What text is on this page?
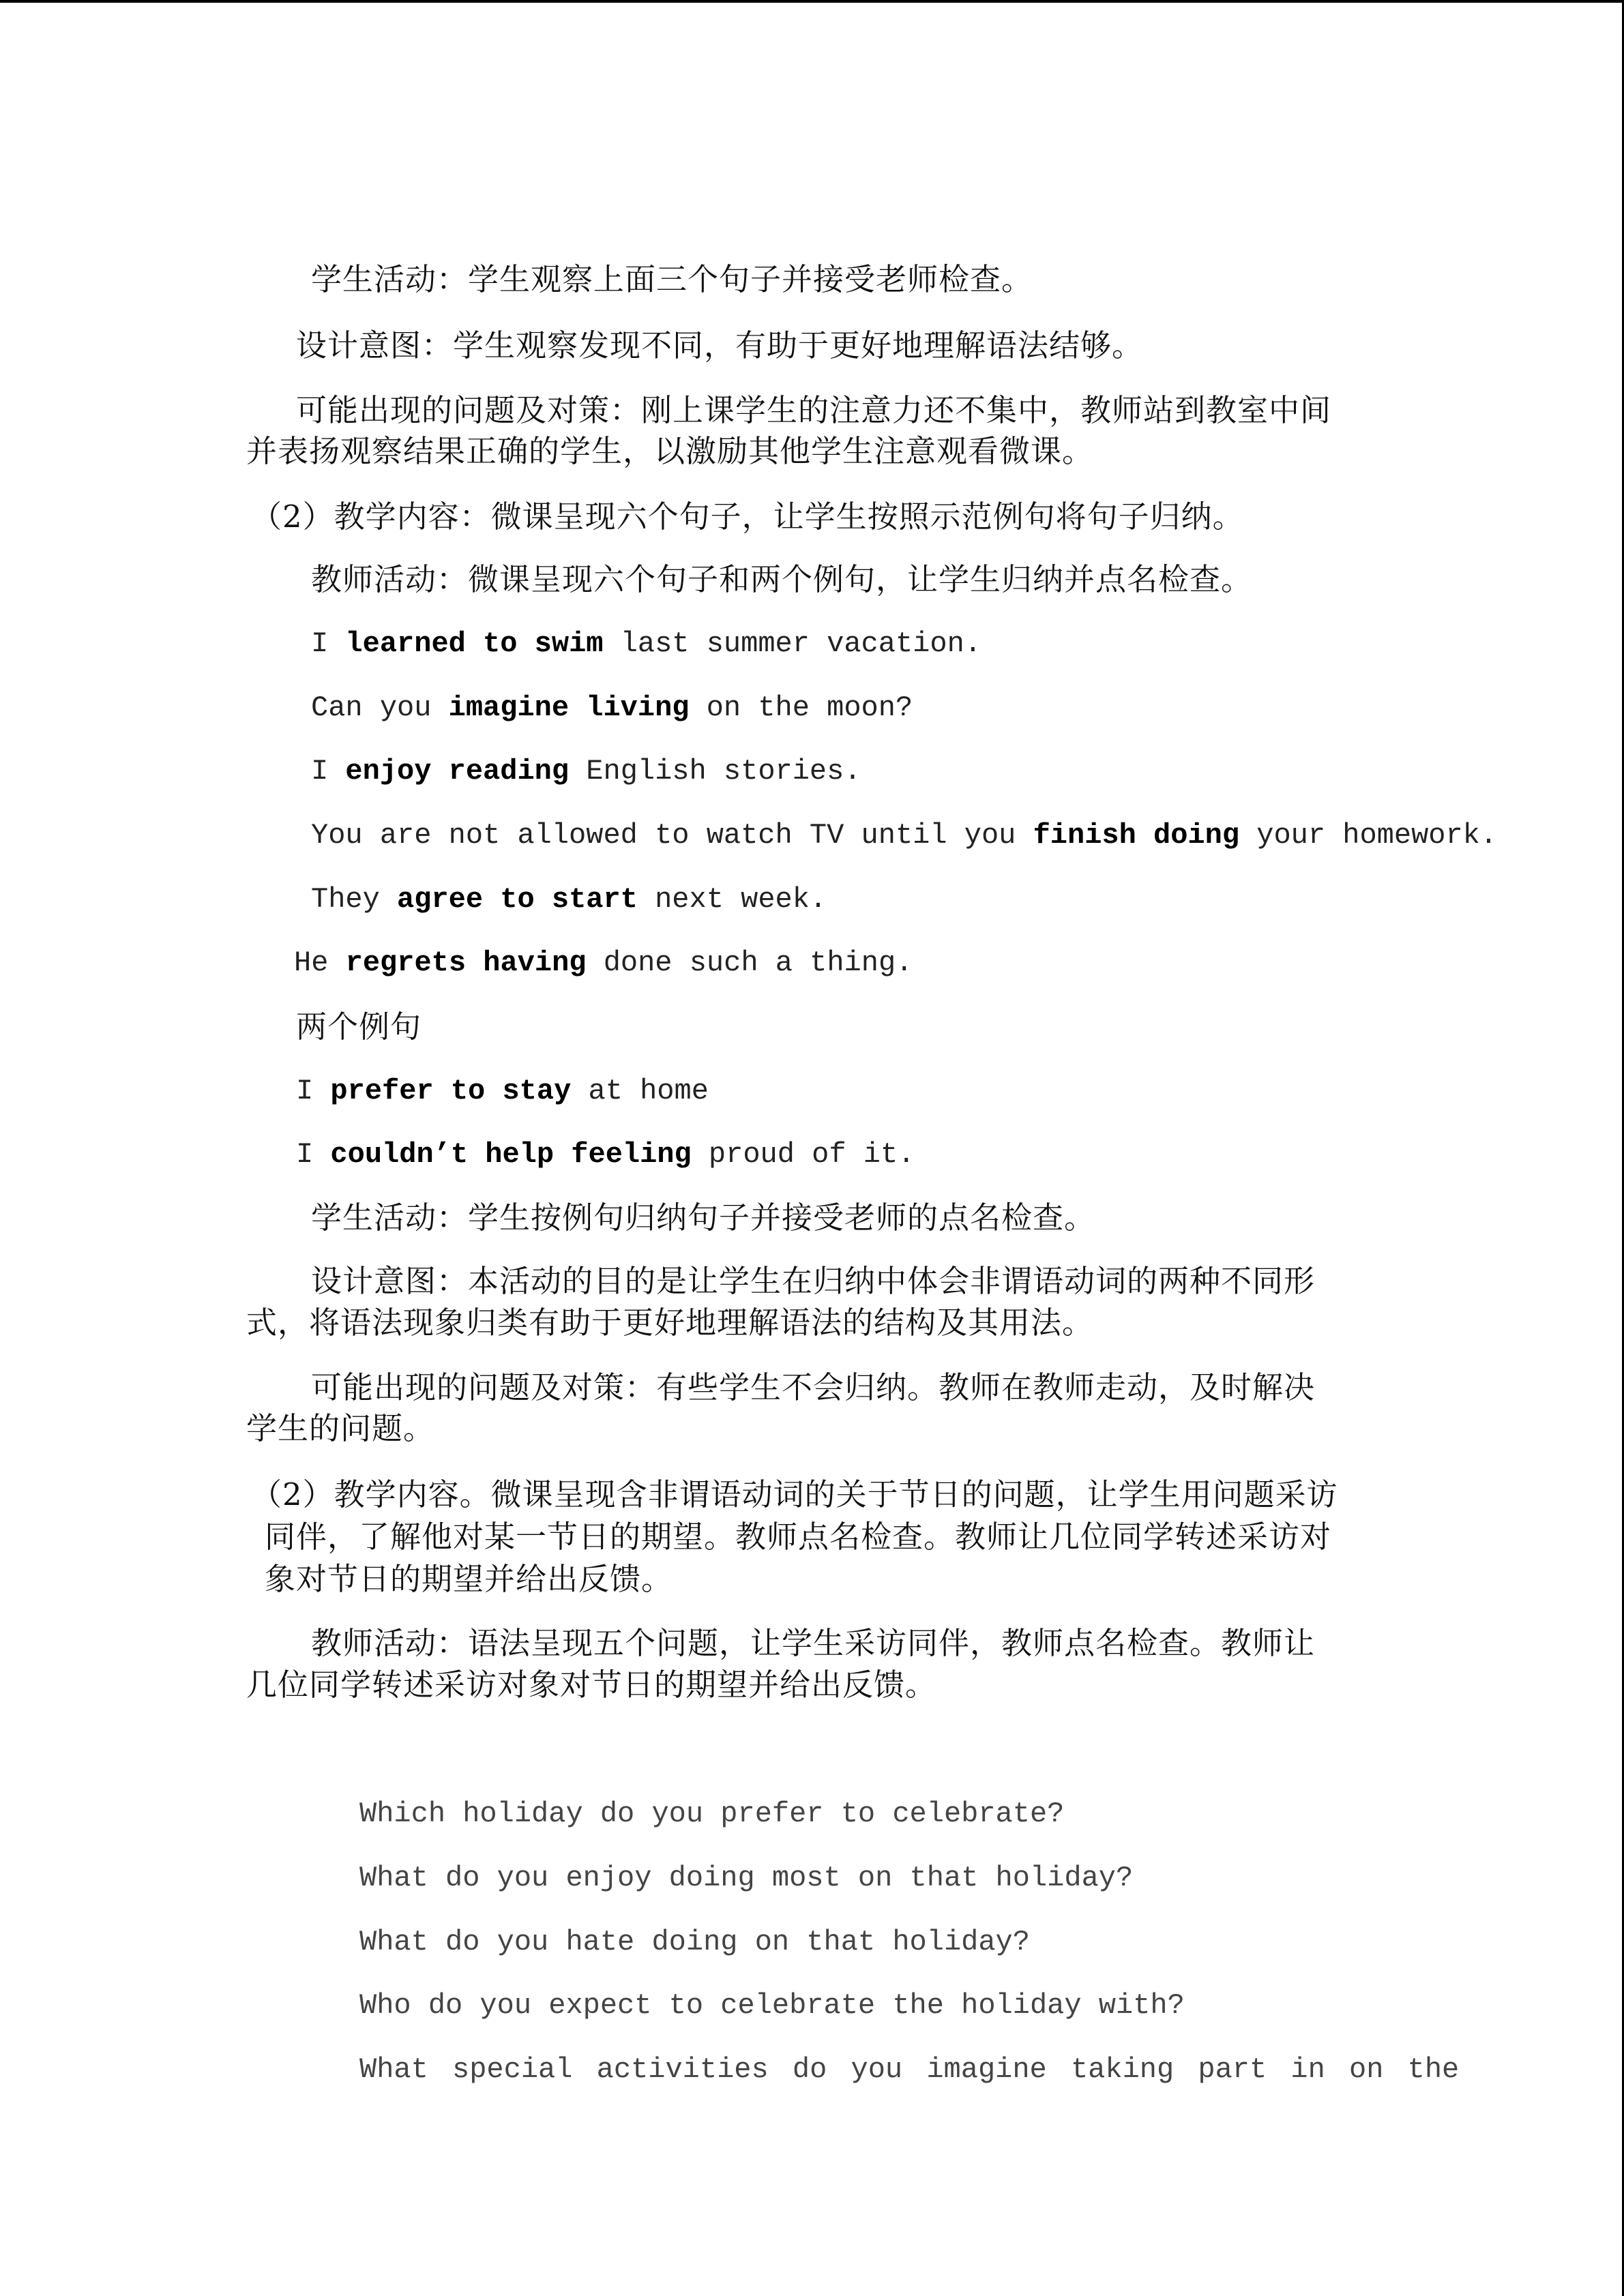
学生活动：学生观察上面三个句子并接受老师检查。

设计意图：学生观察发现不同，有助于更好地理解语法结够。

可能出现的问题及对策：刚上课学生的注意力还不集中，教师站到教室中间

并表扬观察结果正确的学生，以激励其他学生注意观看微课。

（2）教学内容：微课呈现六个句子，让学生按照示范例句将句子归纳。

教师活动：微课呈现六个句子和两个例句，让学生归纳并点名检查。

I learned to swim last summer vacation.

Can you imagine living on the moon?

I enjoy reading English stories.

You are not allowed to watch TV until you finish doing your homework.

They agree to start next week.

He regrets having done such a thing.

两个例句

I prefer to stay at home

I couldn’t help feeling proud of it.

学生活动：学生按例句归纳句子并接受老师的点名检查。

设计意图：本活动的目的是让学生在归纳中体会非谓语动词的两种不同形

式，将语法现象归类有助于更好地理解语法的结构及其用法。

可能出现的问题及对策：有些学生不会归纳。教师在教师走动，及时解决

学生的问题。

（2）教学内容。微课呈现含非谓语动词的关于节日的问题，让学生用问题采访

同伴，了解他对某一节日的期望。教师点名检查。教师让几位同学转述采访对

象对节日的期望并给出反馈。

教师活动：语法呈现五个问题，让学生采访同伴，教师点名检查。教师让

几位同学转述采访对象对节日的期望并给出反馈。

Which holiday do you prefer to celebrate?

What do you enjoy doing most on that holiday?

What do you hate doing on that holiday?

Who do you expect to celebrate the holiday with?

What special activities do you imagine taking part in on the
